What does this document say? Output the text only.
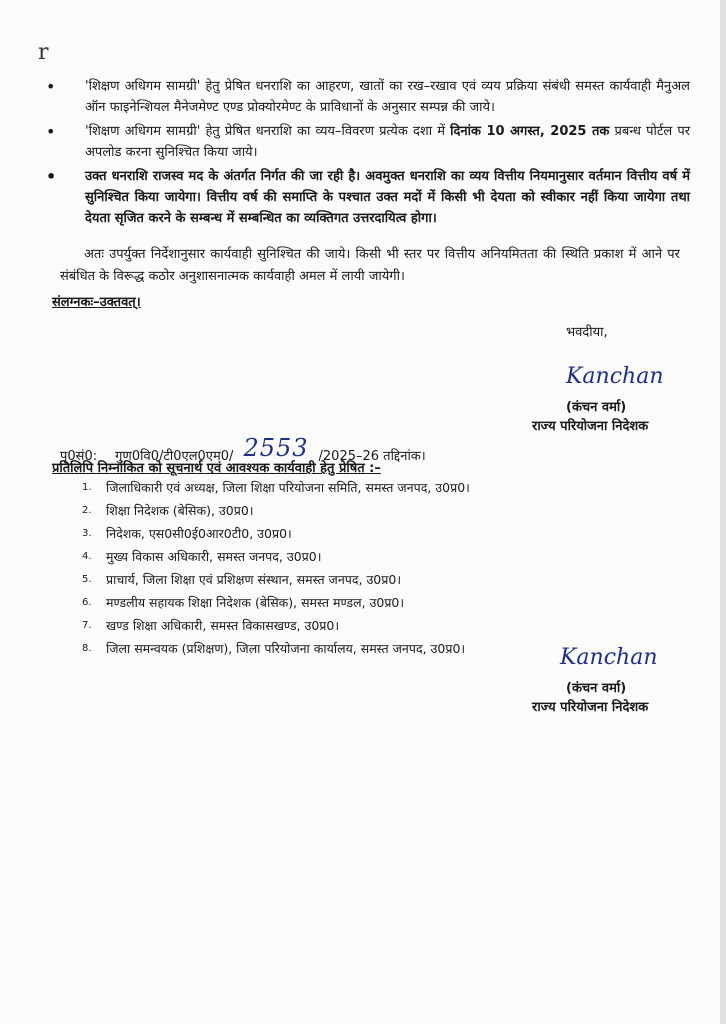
r
• 'शिक्षण अधिगम सामग्री' हेतु प्रेषित धनराशि का आहरण, खातों का रख–रखाव एवं व्यय प्रक्रिया संबंधी समस्त कार्यवाही मैनुअल ऑन फाइनेन्शियल मैनेजमेण्ट एण्ड प्रोक्योरमेण्ट के प्राविधानों के अनुसार सम्पन्न की जाये।
• 'शिक्षण अधिगम सामग्री' हेतु प्रेषित धनराशि का व्यय–विवरण प्रत्येक दशा में दिनांक 10 अगस्त, 2025 तक प्रबन्ध पोर्टल पर अपलोड करना सुनिश्चित किया जाये।
• उक्त धनराशि राजस्व मद के अंतर्गत निर्गत की जा रही है। अवमुक्त धनराशि का व्यय वित्तीय नियमानुसार वर्तमान वित्तीय वर्ष में सुनिश्चित किया जायेगा। वित्तीय वर्ष की समाप्ति के पश्चात उक्त मदों में किसी भी देयता को स्वीकार नहीं किया जायेगा तथा देयता सृजित करने के सम्बन्ध में सम्बन्धित का व्यक्तिगत उत्तरदायित्व होगा।
अतः उपर्युक्त निर्देशानुसार कार्यवाही सुनिश्चित की जाये। किसी भी स्तर पर वित्तीय अनियमितता की स्थिति प्रकाश में आने पर संबंधित के विरूद्ध कठोर अनुशासनात्मक कार्यवाही अमल में लायी जायेगी।
संलग्नकः–उक्तवत्।
भवदीया,
Kanchan
(कंचन वर्मा)
राज्य परियोजना निदेशक
पृ0सं0: गुण0वि0/टी0एल0एम0/ 2553 /2025–26 तद्दिनांक।
प्रतिलिपि निम्नांकित को सूचनार्थ एवं आवश्यक कार्यवाही हेतु प्रेषित :–
1. जिलाधिकारी एवं अध्यक्ष, जिला शिक्षा परियोजना समिति, समस्त जनपद, उ0प्र0।
2. शिक्षा निदेशक (बेसिक), उ0प्र0।
3. निदेशक, एस0सी0ई0आर0टी0, उ0प्र0।
4. मुख्य विकास अधिकारी, समस्त जनपद, उ0प्र0।
5. प्राचार्य, जिला शिक्षा एवं प्रशिक्षण संस्थान, समस्त जनपद, उ0प्र0।
6. मण्डलीय सहायक शिक्षा निदेशक (बेसिक), समस्त मण्डल, उ0प्र0।
7. खण्ड शिक्षा अधिकारी, समस्त विकासखण्ड, उ0प्र0।
8. जिला समन्वयक (प्रशिक्षण), जिला परियोजना कार्यालय, समस्त जनपद, उ0प्र0।	Kanchan
(कंचन वर्मा)
राज्य परियोजना निदेशक
